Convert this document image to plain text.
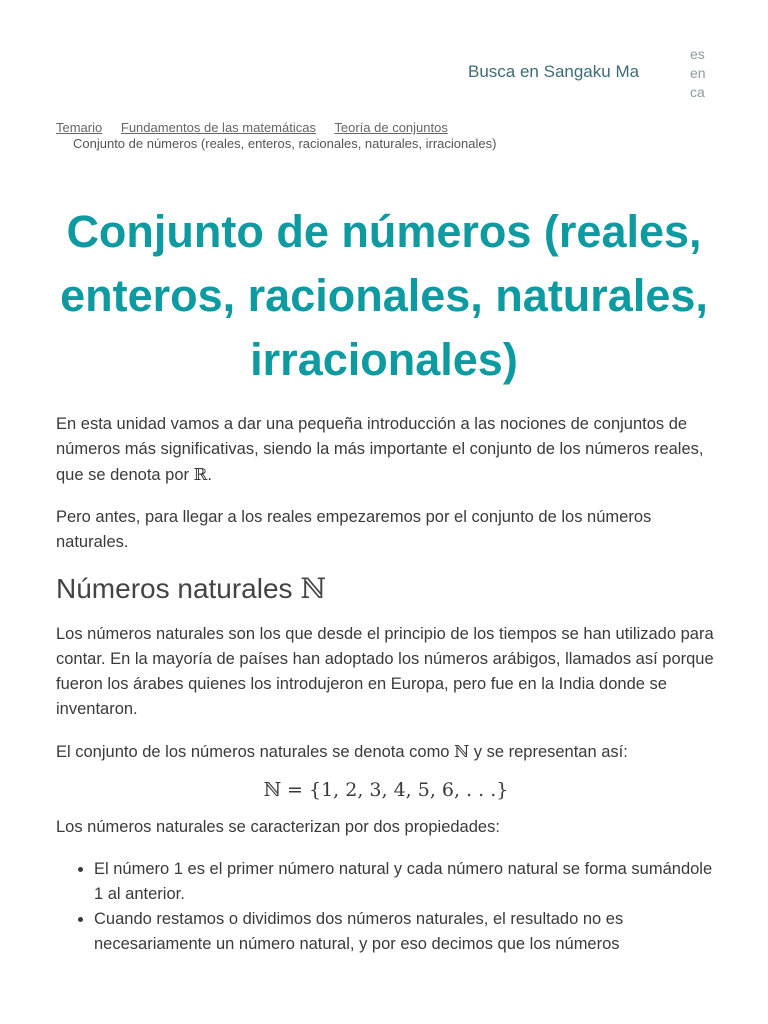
Busca en Sangaku Ma
es
en
ca
Temario Fundamentos de las matemáticas Teoría de conjuntos
Conjunto de números (reales, enteros, racionales, naturales, irracionales)
Conjunto de números (reales, enteros, racionales, naturales, irracionales)

En esta unidad vamos a dar una pequeña introducción a las nociones de conjuntos de números más significativas, siendo la más importante el conjunto de los números reales, que se denota por ℝ.

Pero antes, para llegar a los reales empezaremos por el conjunto de los números naturales.

Números naturales ℕ

Los números naturales son los que desde el principio de los tiempos se han utilizado para contar. En la mayoría de países han adoptado los números arábigos, llamados así porque fueron los árabes quienes los introdujeron en Europa, pero fue en la India donde se inventaron.

El conjunto de los números naturales se denota como ℕ y se representan así:

ℕ = {1, 2, 3, 4, 5, 6, . . .}

Los números naturales se caracterizan por dos propiedades:

• El número 1 es el primer número natural y cada número natural se forma sumándole 1 al anterior.
• Cuando restamos o dividimos dos números naturales, el resultado no es necesariamente un número natural, y por eso decimos que los números
